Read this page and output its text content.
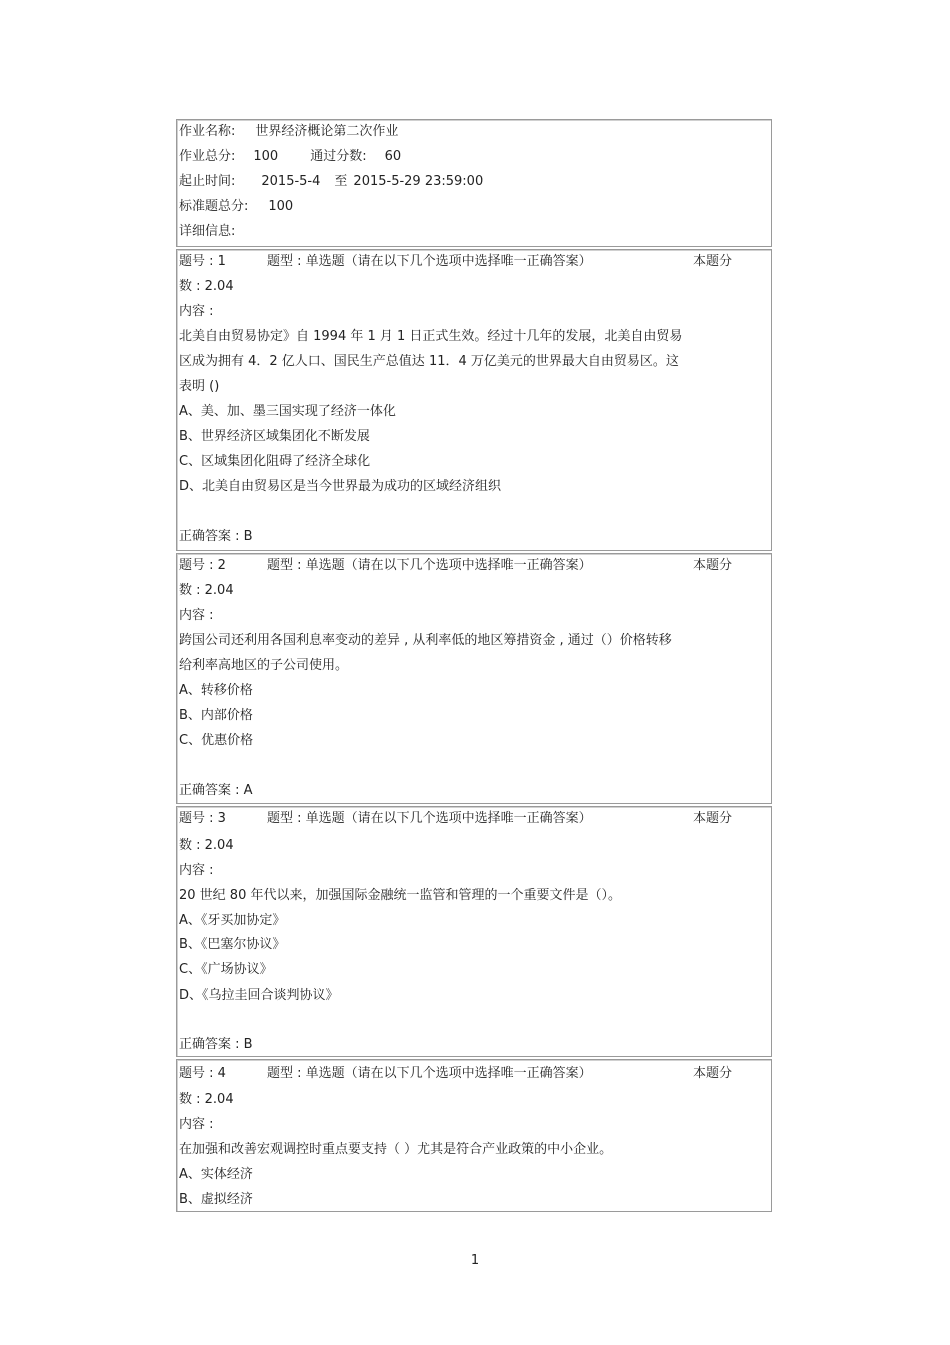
作业名称: 世界经济概论第二次作业
作业总分: 100 通过分数: 60
起止时间: 2015-5-4 至 2015-5-29 23:59:00
标准题总分: 100
详细信息:
题号 : 1	题型 : 单选题（请在以下几个选项中选择唯一正确答案）	本题分
数 : 2.04
内容 :
北美自由贸易协定》自 1994 年 1 月 1 日正式生效。经过十几年的发展，北美自由贸易
区成为拥有 4．2 亿人口、国民生产总值达 11．4 万亿美元的世界最大自由贸易区。这
表明 ()
A、美、加、墨三国实现了经济一体化
B、世界经济区域集团化不断发展
C、区域集团化阻碍了经济全球化
D、北美自由贸易区是当今世界最为成功的区域经济组织
正确答案 : B
题号 : 2	题型 : 单选题（请在以下几个选项中选择唯一正确答案）	本题分
数 : 2.04
内容 :
跨国公司还利用各国利息率变动的差异 , 从利率低的地区筹措资金 , 通过（）价格转移
给利率高地区的子公司使用。
A、转移价格
B、内部价格
C、优惠价格
正确答案 : A
题号 : 3	题型 : 单选题（请在以下几个选项中选择唯一正确答案）	本题分
数 : 2.04
内容 :
20 世纪 80 年代以来，加强国际金融统一监管和管理的一个重要文件是（）。
A、《牙买加协定》
B、《巴塞尔协议》
C、《广场协议》
D、《乌拉圭回合谈判协议》
正确答案 : B
题号 : 4	题型 : 单选题（请在以下几个选项中选择唯一正确答案）	本题分
数 : 2.04
内容 :
在加强和改善宏观调控时重点要支持（ ）尤其是符合产业政策的中小企业。
A、实体经济
B、虚拟经济
1
